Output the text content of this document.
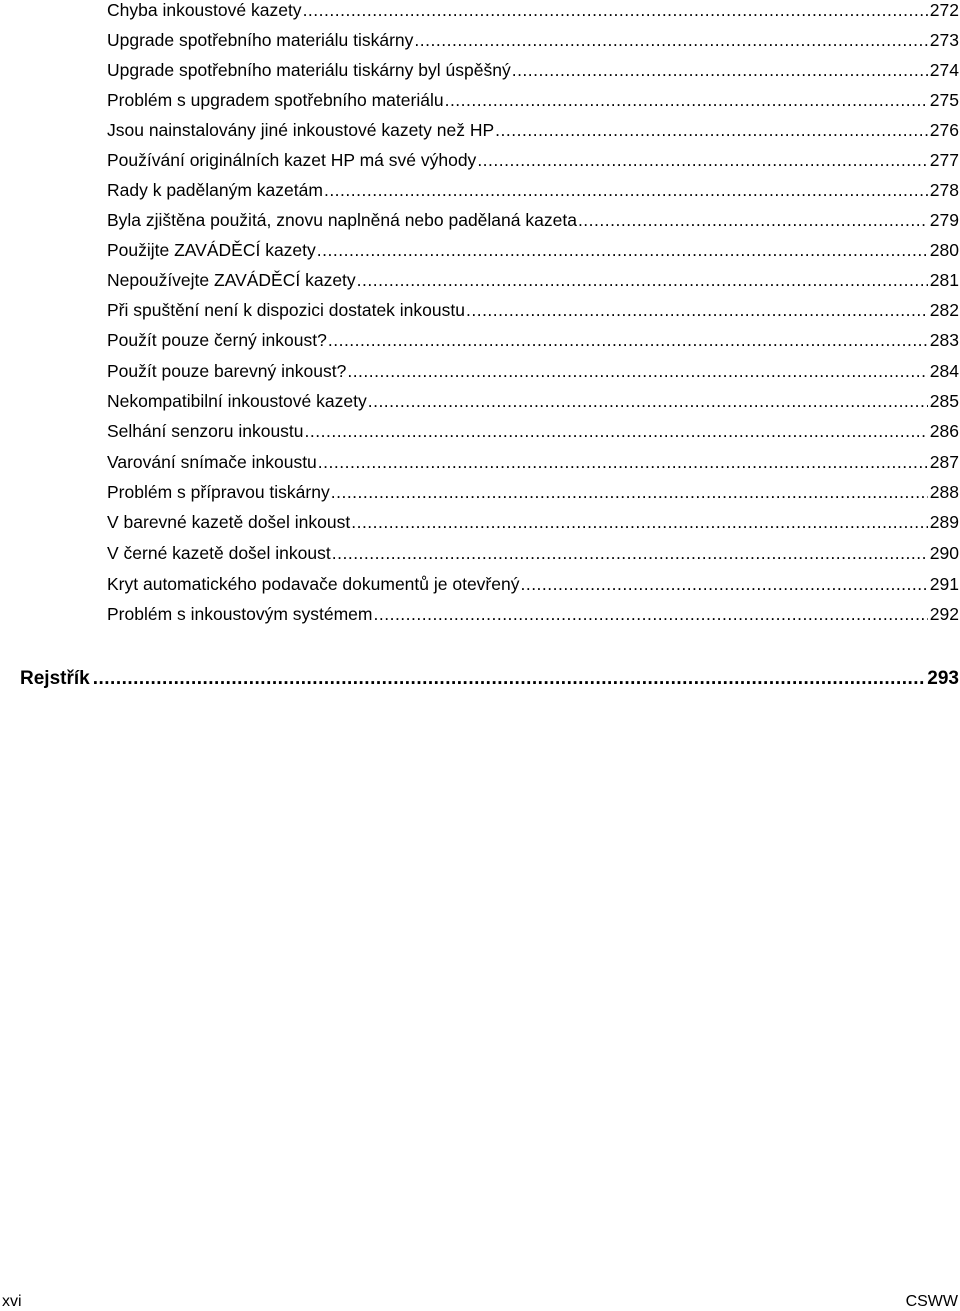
Chyba inkoustové kazety .....	272
Upgrade spotřebního materiálu tiskárny .....	273
Upgrade spotřebního materiálu tiskárny byl úspěšný .....	274
Problém s upgradem spotřebního materiálu .....	275
Jsou nainstalovány jiné inkoustové kazety než HP .....	276
Používání originálních kazet HP má své výhody .....	277
Rady k padělaným kazetám .....	278
Byla zjištěna použitá, znovu naplněná nebo padělaná kazeta .....	279
Použijte ZAVÁDĚCÍ kazety .....	280
Nepoužívejte ZAVÁDĚCÍ kazety .....	281
Při spuštění není k dispozici dostatek inkoustu .....	282
Použít pouze černý inkoust? .....	283
Použít pouze barevný inkoust? .....	284
Nekompatibilní inkoustové kazety .....	285
Selhání senzoru inkoustu .....	286
Varování snímače inkoustu .....	287
Problém s přípravou tiskárny .....	288
V barevné kazetě došel inkoust .....	289
V černé kazetě došel inkoust .....	290
Kryt automatického podavače dokumentů je otevřený .....	291
Problém s inkoustovým systémem .....	292
Rejstřík .....	293
xvi	CSWW
